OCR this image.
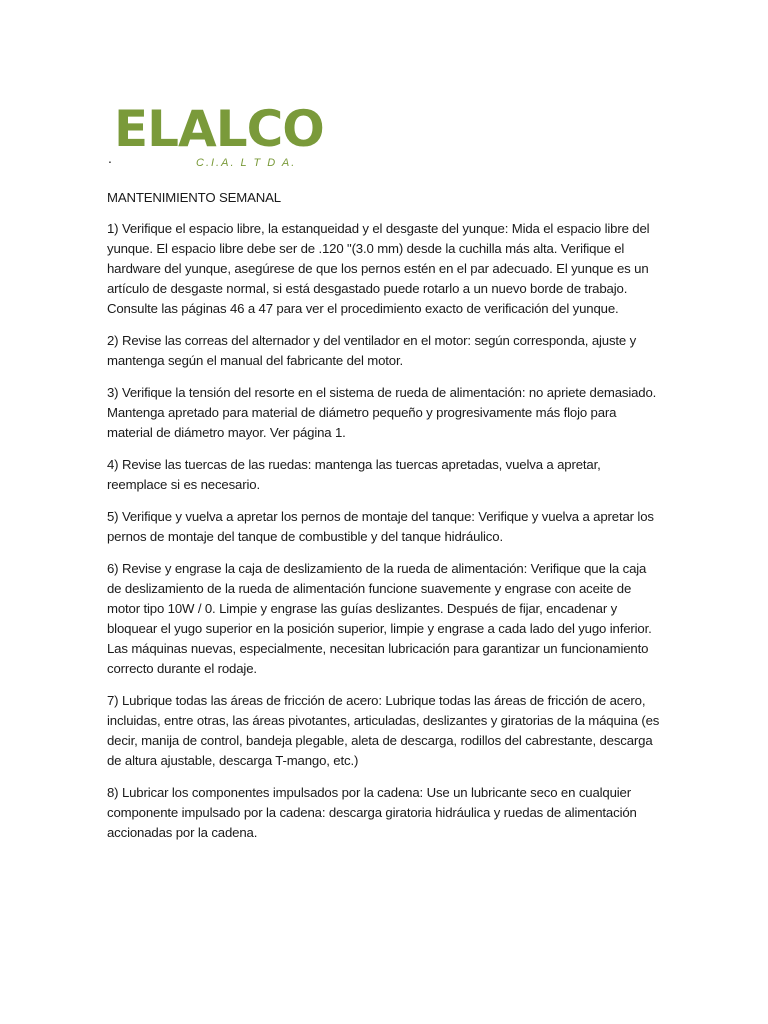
ELALCO
C.I.A. L T D A.
.

MANTENIMIENTO SEMANAL

1) Verifique el espacio libre, la estanqueidad y el desgaste del yunque: Mida el espacio libre del yunque. El espacio libre debe ser de .120 "(3.0 mm) desde la cuchilla más alta. Verifique el hardware del yunque, asegúrese de que los pernos estén en el par adecuado. El yunque es un artículo de desgaste normal, si está desgastado puede rotarlo a un nuevo borde de trabajo. Consulte las páginas 46 a 47 para ver el procedimiento exacto de verificación del yunque.

2) Revise las correas del alternador y del ventilador en el motor: según corresponda, ajuste y mantenga según el manual del fabricante del motor.

3) Verifique la tensión del resorte en el sistema de rueda de alimentación: no apriete demasiado. Mantenga apretado para material de diámetro pequeño y progresivamente más flojo para material de diámetro mayor. Ver página 1.

4) Revise las tuercas de las ruedas: mantenga las tuercas apretadas, vuelva a apretar, reemplace si es necesario.

5) Verifique y vuelva a apretar los pernos de montaje del tanque: Verifique y vuelva a apretar los pernos de montaje del tanque de combustible y del tanque hidráulico.

6) Revise y engrase la caja de deslizamiento de la rueda de alimentación: Verifique que la caja de deslizamiento de la rueda de alimentación funcione suavemente y engrase con aceite de motor tipo 10W / 0. Limpie y engrase las guías deslizantes. Después de fijar, encadenar y bloquear el yugo superior en la posición superior, limpie y engrase a cada lado del yugo inferior. Las máquinas nuevas, especialmente, necesitan lubricación para garantizar un funcionamiento correcto durante el rodaje.

7) Lubrique todas las áreas de fricción de acero: Lubrique todas las áreas de fricción de acero, incluidas, entre otras, las áreas pivotantes, articuladas, deslizantes y giratorias de la máquina (es decir, manija de control, bandeja plegable, aleta de descarga, rodillos del cabrestante, descarga de altura ajustable, descarga T-mango, etc.)

8) Lubricar los componentes impulsados por la cadena: Use un lubricante seco en cualquier componente impulsado por la cadena: descarga giratoria hidráulica y ruedas de alimentación accionadas por la cadena.
